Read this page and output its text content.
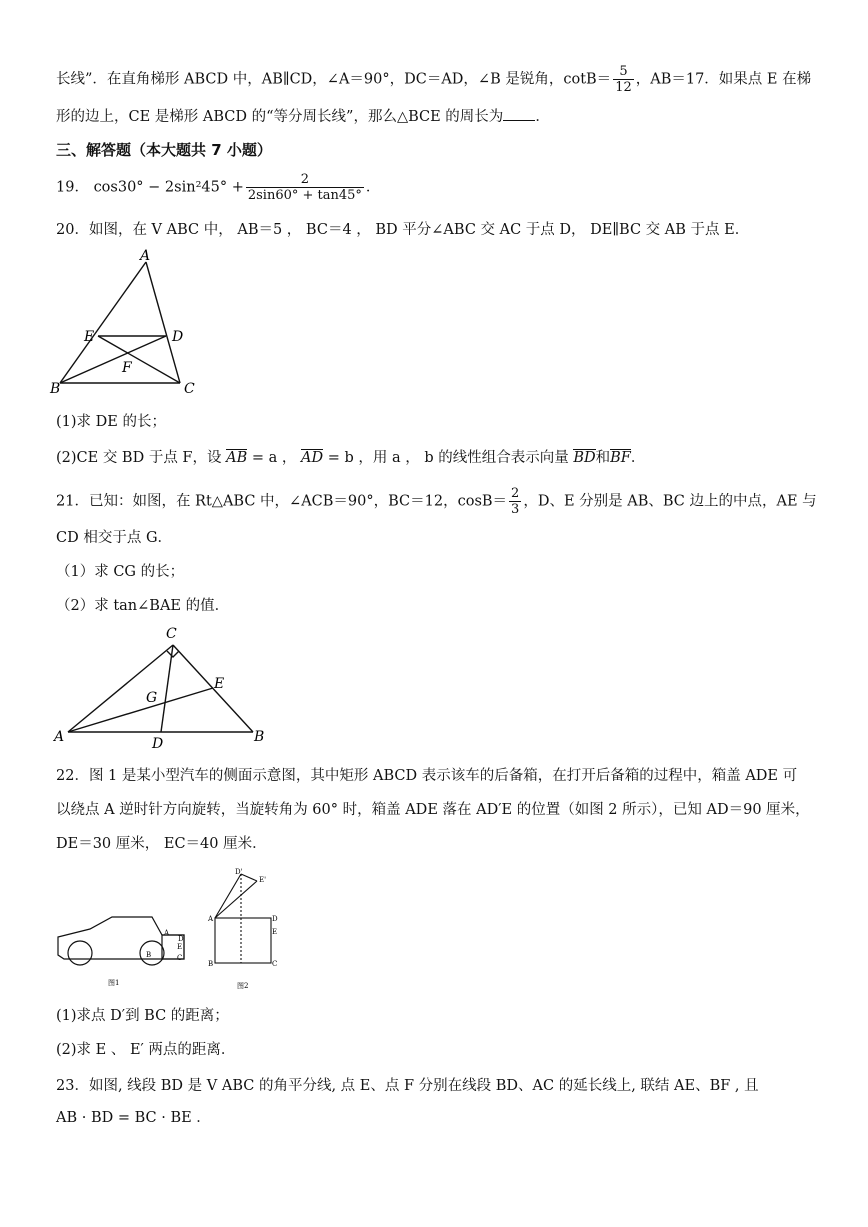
长线”．在直角梯形 ABCD 中，AB∥CD，∠A＝90°，DC＝AD，∠B 是锐角，$\cot B= \frac{5}{12}$ ，AB＝17．如果点 E 在梯
形的边上，CE 是梯形 ABCD 的“等分周长线”，那么△BCE 的周长为 ．
三、解答题（本大题共 7 小题）
19． $\cos 30^\circ - 2\sin^245^\circ + \frac{2}{2\sin 60^\circ + \tan 45^\circ}$ ．
20．如图，在 V ABC 中， AB＝5 ， BC＝4 ， BD 平分∠ABC 交 AC 于点 D， DE∥BC 交 AB 于点 E．
A
E	D
F
B	C
(1)求 DE 的长；
(2)CE 交 BD 于点 F，设 AB = a ， AD = b ，用 a ， b 的线性组合表示向量 BD和BF．
21．已知：如图，在 Rt△ABC 中，∠ACB＝90°，BC＝12，$\cos B= \frac{2}{3}$ ，D、E 分别是 AB、BC 边上的中点，AE 与
CD 相交于点 G．
（1）求 CG 的长；
（2）求 tan∠BAE 的值．
C
E
G
A	D	B
22．图 1 是某小型汽车的侧面示意图，其中矩形 ABCD 表示该车的后备箱，在打开后备箱的过程中，箱盖 ADE 可
以绕点 A 逆时针方向旋转，当旋转角为 60° 时，箱盖 ADE 落在 AD′E 的位置（如图 2 所示），已知 AD＝90 厘米，
DE＝30 厘米， EC＝40 厘米．
A
D
E
B	C
图1
D'
E'
A	D
E
B	C
图2
(1)求点 D′到 BC 的距离；
(2)求 E 、 E′ 两点的距离．
23．如图, 线段 BD 是 V ABC 的角平分线, 点 E、点 F 分别在线段 BD、AC 的延长线上, 联结 AE、BF , 且
AB · BD = BC · BE ．
